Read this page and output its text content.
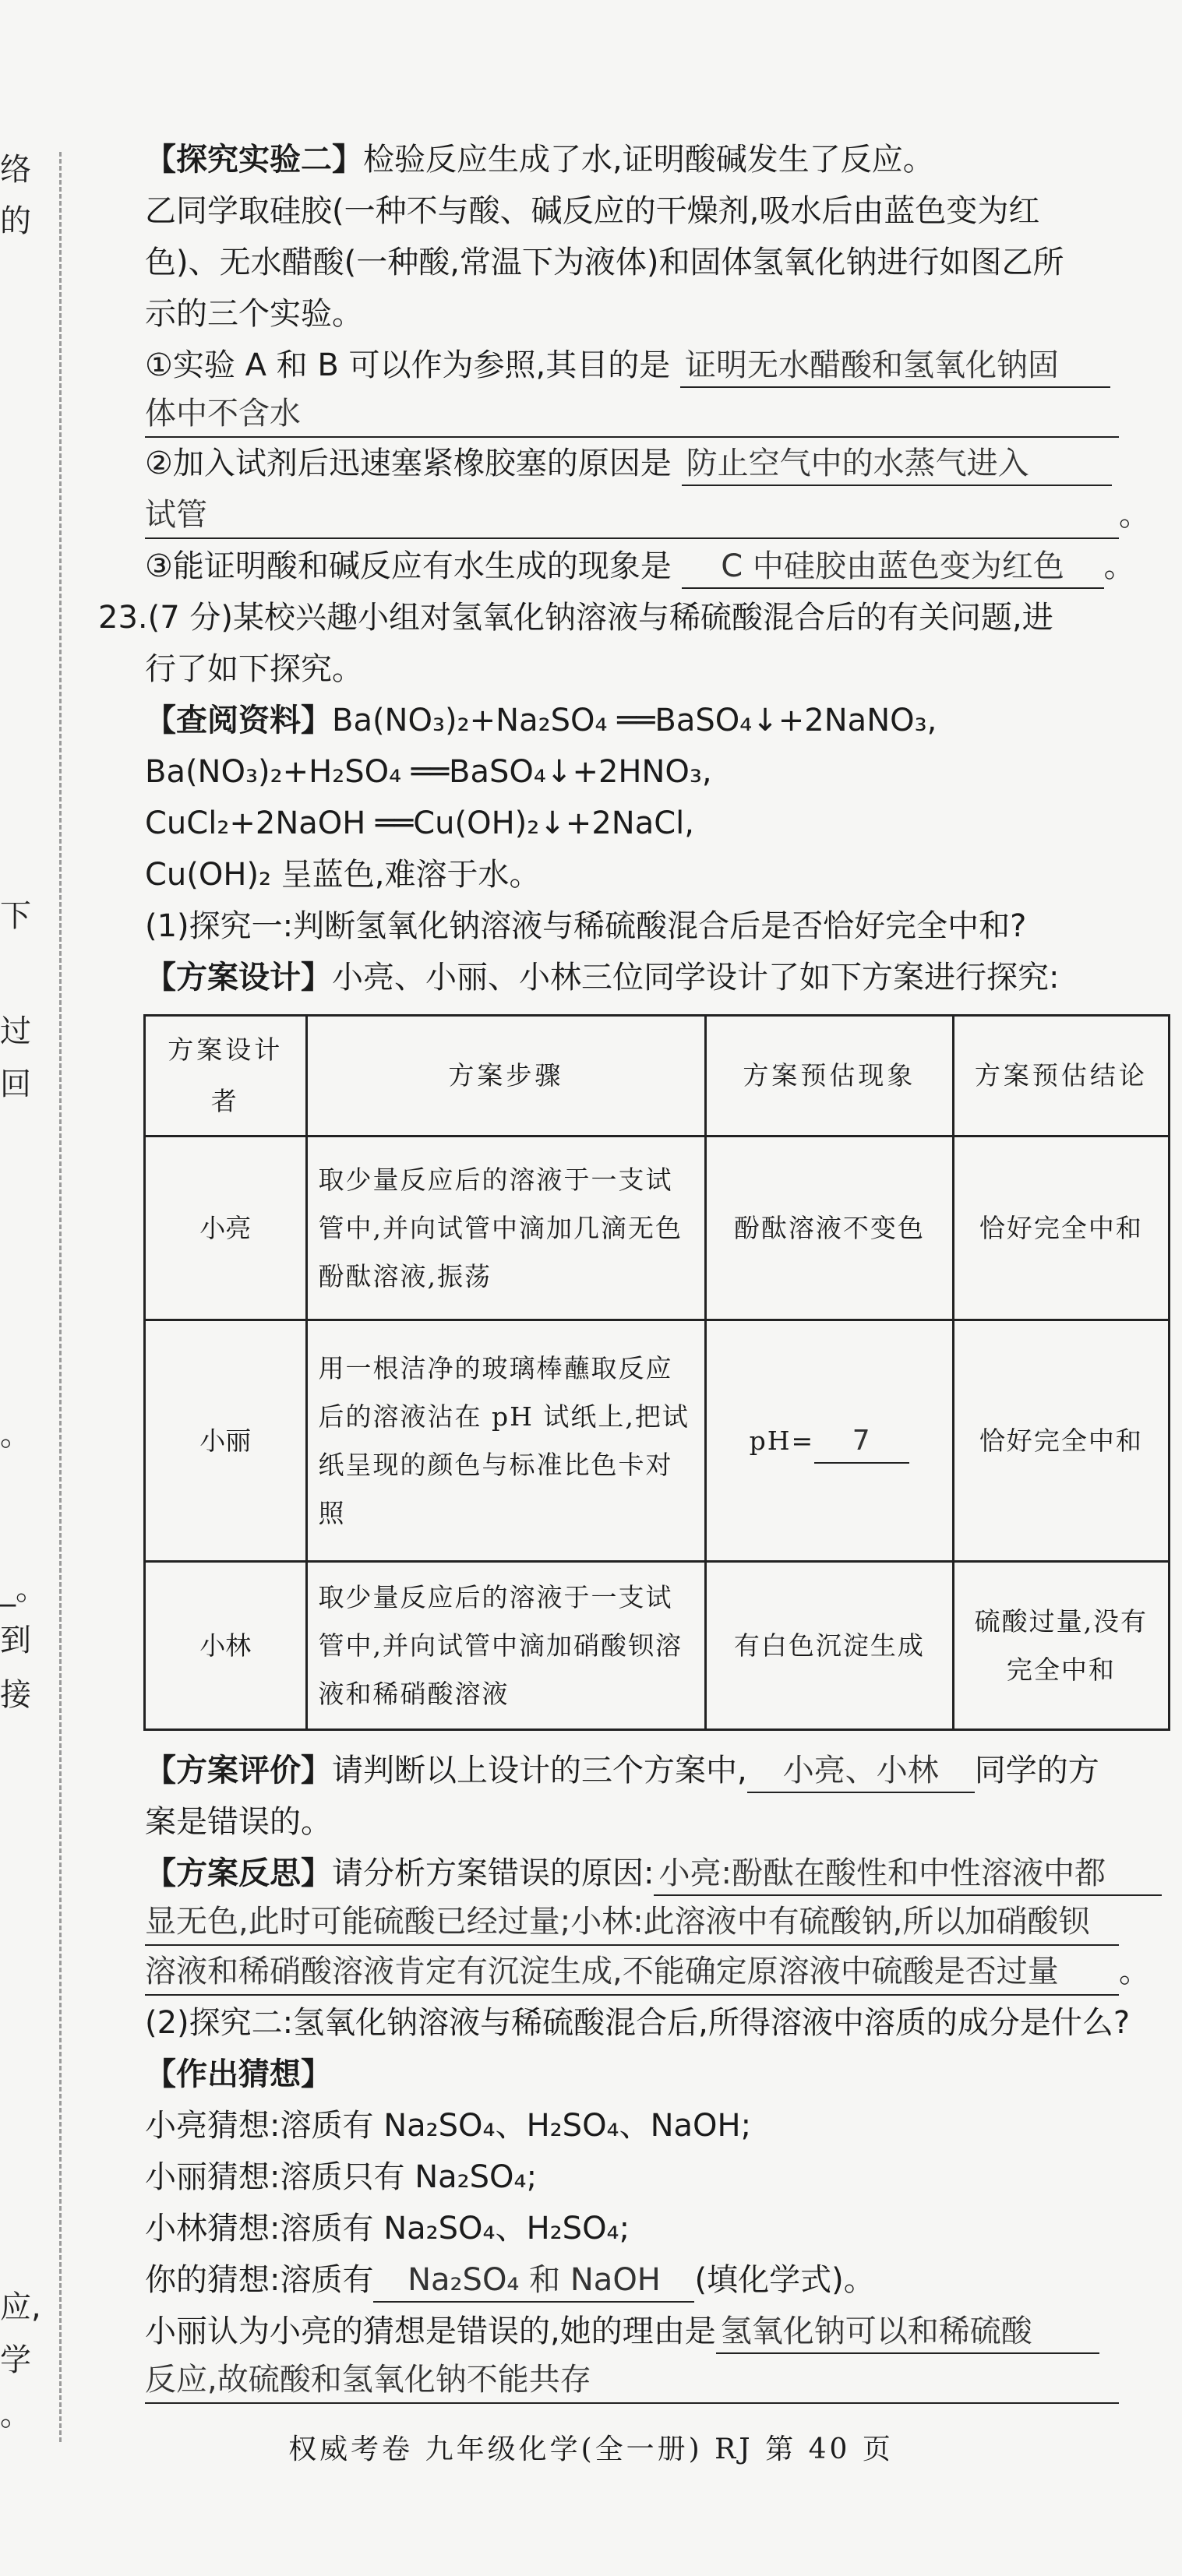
络
的
下
过
回
。
_。
到
接
应,
学
。

【探究实验二】检验反应生成了水,证明酸碱发生了反应。

乙同学取硅胶(一种不与酸、碱反应的干燥剂,吸水后由蓝色变为红

色)、无水醋酸(一种酸,常温下为液体)和固体氢氧化钠进行如图乙所

示的三个实验。

①实验 A 和 B 可以作为参照,其目的是 证明无水醋酸和氢氧化钠固

体中不含水

②加入试剂后迅速塞紧橡胶塞的原因是 防止空气中的水蒸气进入

试管	。

③能证明酸和碱反应有水生成的现象是 C 中硅胶由蓝色变为红色 。

23.(7 分)某校兴趣小组对氢氧化钠溶液与稀硫酸混合后的有关问题,进

行了如下探究。

【查阅资料】Ba(NO₃)₂+Na₂SO₄ ══BaSO₄↓+2NaNO₃,

Ba(NO₃)₂+H₂SO₄ ══BaSO₄↓+2HNO₃,

CuCl₂+2NaOH ══Cu(OH)₂↓+2NaCl,

Cu(OH)₂ 呈蓝色,难溶于水。

(1)探究一:判断氢氧化钠溶液与稀硫酸混合后是否恰好完全中和?

【方案设计】小亮、小丽、小林三位同学设计了如下方案进行探究:

方案设计者	方案步骤	方案预估现象	方案预估结论
小亮	取少量反应后的溶液于一支试管中,并向试管中滴加几滴无色酚酞溶液,振荡	酚酞溶液不变色	恰好完全中和
小丽	用一根洁净的玻璃棒蘸取反应后的溶液沾在 pH 试纸上,把试纸呈现的颜色与标准比色卡对照	pH= 7	恰好完全中和
小林	取少量反应后的溶液于一支试管中,并向试管中滴加硝酸钡溶液和稀硝酸溶液	有白色沉淀生成	硫酸过量,没有完全中和

【方案评价】请判断以上设计的三个方案中, 小亮、小林 同学的方

案是错误的。

【方案反思】请分析方案错误的原因: 小亮:酚酞在酸性和中性溶液中都

显无色,此时可能硫酸已经过量;小林:此溶液中有硫酸钠,所以加硝酸钡

溶液和稀硝酸溶液肯定有沉淀生成,不能确定原溶液中硫酸是否过量 。

(2)探究二:氢氧化钠溶液与稀硫酸混合后,所得溶液中溶质的成分是什么?

【作出猜想】

小亮猜想:溶质有 Na₂SO₄、H₂SO₄、NaOH;

小丽猜想:溶质只有 Na₂SO₄;

小林猜想:溶质有 Na₂SO₄、H₂SO₄;

你的猜想:溶质有 Na₂SO₄ 和 NaOH (填化学式)。

小丽认为小亮的猜想是错误的,她的理由是 氢氧化钠可以和稀硫酸

反应,故硫酸和氢氧化钠不能共存

权威考卷 九年级化学(全一册) RJ 第 40 页
